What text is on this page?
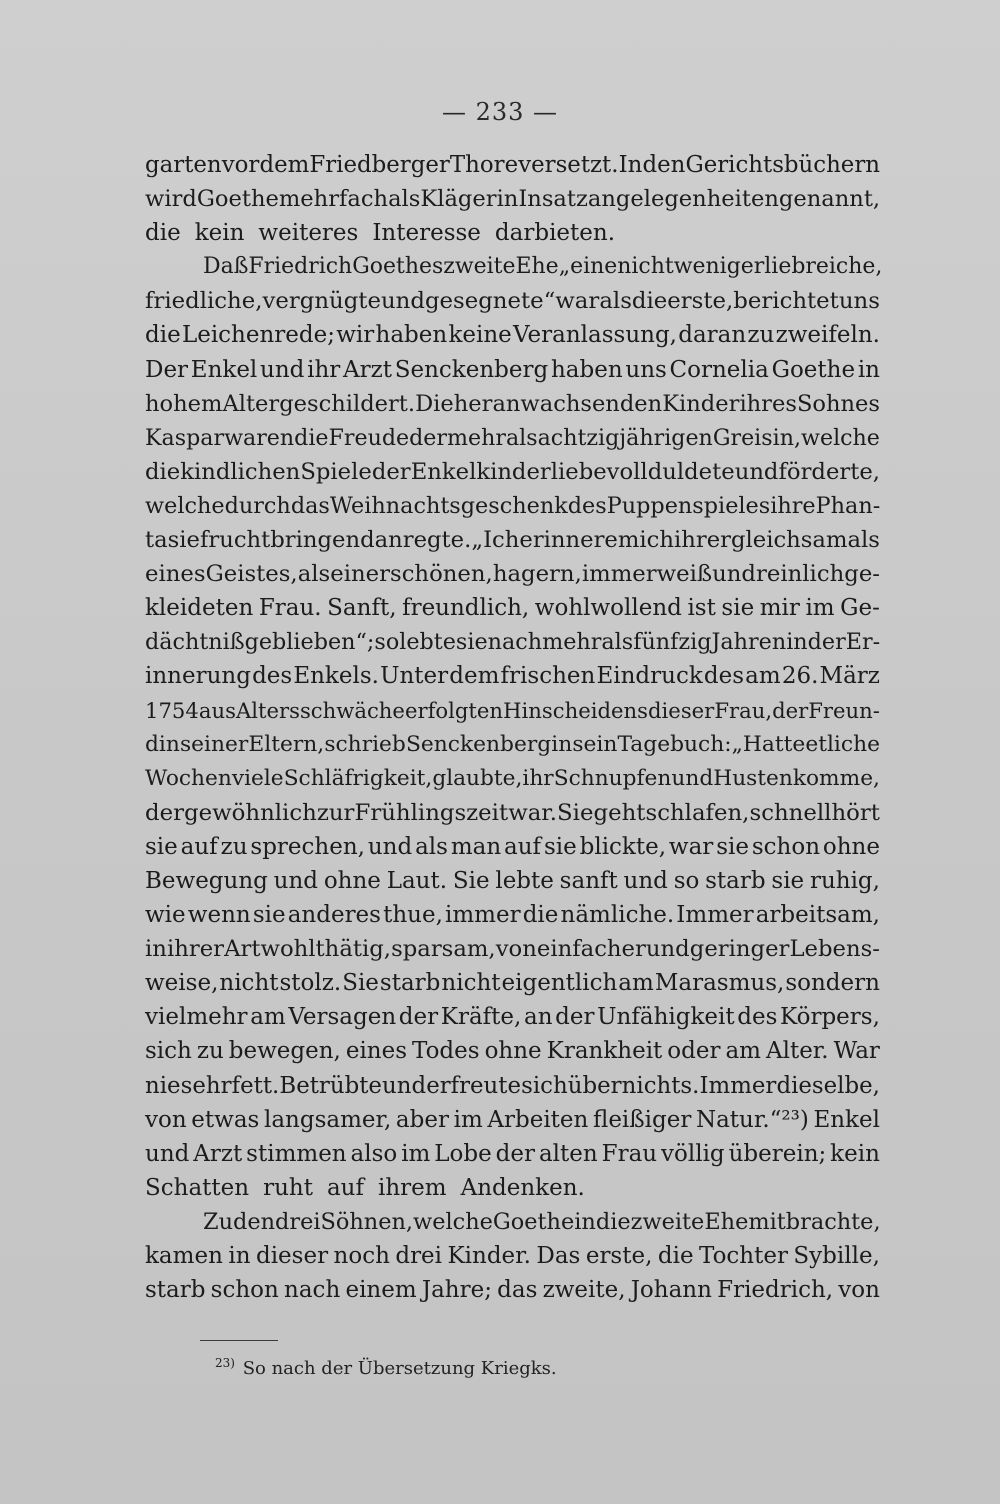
— 233 —
garten vor dem Friedberger Thore versetzt. In den Gerichtsbüchern
wird Goethe mehrfach als Kläger in Insatzangelegenheiten genannt,
die kein weiteres Interesse darbieten.
Daß Friedrich Goethes zweite Ehe „eine nicht weniger liebreiche,
friedliche, vergnügte und gesegnete“ war als die erste, berichtet uns
die Leichenrede; wir haben keine Veranlassung, daran zu zweifeln.
Der Enkel und ihr Arzt Senckenberg haben uns Cornelia Goethe in
hohem Alter geschildert. Die heranwachsenden Kinder ihres Sohnes
Kaspar waren die Freude der mehr als achtzigjährigen Greisin, welche
die kindlichen Spiele der Enkelkinder liebevoll duldete und förderte,
welche durch das Weihnachtsgeschenk des Puppenspieles ihre Phan-
tasie fruchtbringend anregte. „Ich erinnere mich ihrer gleichsam als
eines Geistes, als einer schönen, hagern, immer weiß und reinlich ge-
kleideten Frau. Sanft, freundlich, wohlwollend ist sie mir im Ge-
dächtniß geblieben“; so lebte sie nach mehr als fünfzig Jahren in der Er-
innerung des Enkels. Unter dem frischen Eindruck des am 26. März
1754 aus Altersschwäche erfolgten Hinscheidens dieser Frau, der Freun-
din seiner Eltern, schrieb Senckenberg in sein Tagebuch: „Hatte etliche
Wochen viele Schläfrigkeit, glaubte, ihr Schnupfen und Husten komme,
der gewöhnlich zur Frühlingszeit war. Sie geht schlafen, schnell hört
sie auf zu sprechen, und als man auf sie blickte, war sie schon ohne
Bewegung und ohne Laut. Sie lebte sanft und so starb sie ruhig,
wie wenn sie anderes thue, immer die nämliche. Immer arbeitsam,
in ihrer Art wohlthätig, sparsam, von einfacher und geringer Lebens-
weise, nicht stolz. Sie starb nicht eigentlich am Marasmus, sondern
vielmehr am Versagen der Kräfte, an der Unfähigkeit des Körpers,
sich zu bewegen, eines Todes ohne Krankheit oder am Alter. War
nie sehr fett. Betrübte und erfreute sich über nichts. Immer dieselbe,
von etwas langsamer, aber im Arbeiten fleißiger Natur.“²³) Enkel
und Arzt stimmen also im Lobe der alten Frau völlig überein; kein
Schatten ruht auf ihrem Andenken.
Zu den drei Söhnen, welche Goethe in die zweite Ehe mitbrachte,
kamen in dieser noch drei Kinder. Das erste, die Tochter Sybille,
starb schon nach einem Jahre; das zweite, Johann Friedrich, von
$^{23)}$ So nach der Übersetzung Kriegks.
